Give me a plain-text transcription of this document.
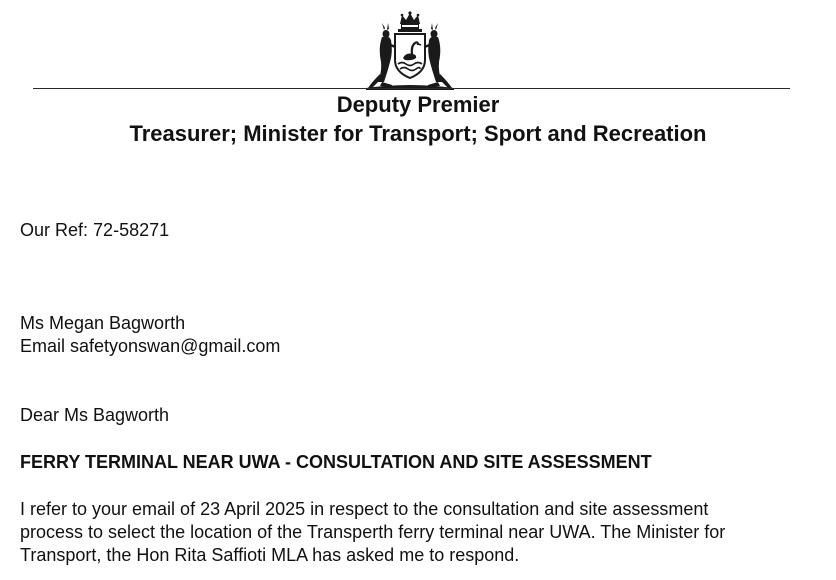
Deputy Premier
Treasurer; Minister for Transport; Sport and Recreation

Our Ref: 72-58271

Ms Megan Bagworth

Email safetyonswan@gmail.com

Dear Ms Bagworth

FERRY TERMINAL NEAR UWA - CONSULTATION AND SITE ASSESSMENT

I refer to your email of 23 April 2025 in respect to the consultation and site assessment
process to select the location of the Transperth ferry terminal near UWA. The Minister for
Transport, the Hon Rita Saffioti MLA has asked me to respond.
